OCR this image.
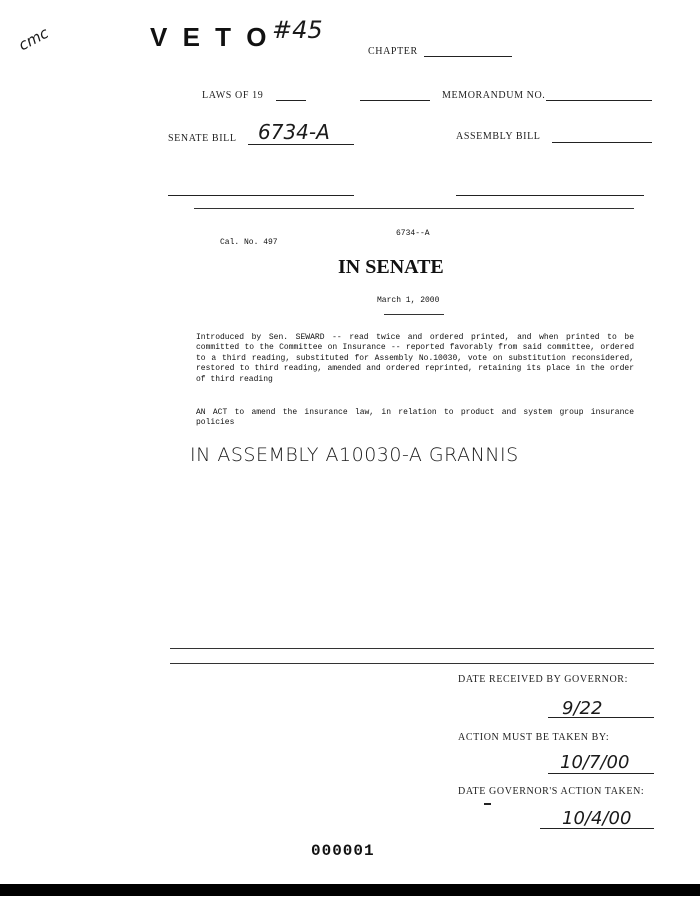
cmc	V E T O #45
CHAPTER
LAWS OF 19	MEMORANDUM NO.
SENATE BILL 6734-A	ASSEMBLY BILL
6734--A
Cal. No. 497
IN SENATE
March 1, 2000
Introduced by Sen. SEWARD -- read twice and ordered printed, and when printed to be committed to the Committee on Insurance -- reported favorably from said committee, ordered to a third reading, substituted for Assembly No.10030, vote on substitution reconsidered, restored to third reading, amended and ordered reprinted, retaining its place in the order of third reading
AN ACT to amend the insurance law, in relation to product and system group insurance policies
IN ASSEMBLY A10030-A GRANNIS
DATE RECEIVED BY GOVERNOR:
9/22
ACTION MUST BE TAKEN BY:
10/7/00
DATE GOVERNOR'S ACTION TAKEN:
10/4/00
000001
